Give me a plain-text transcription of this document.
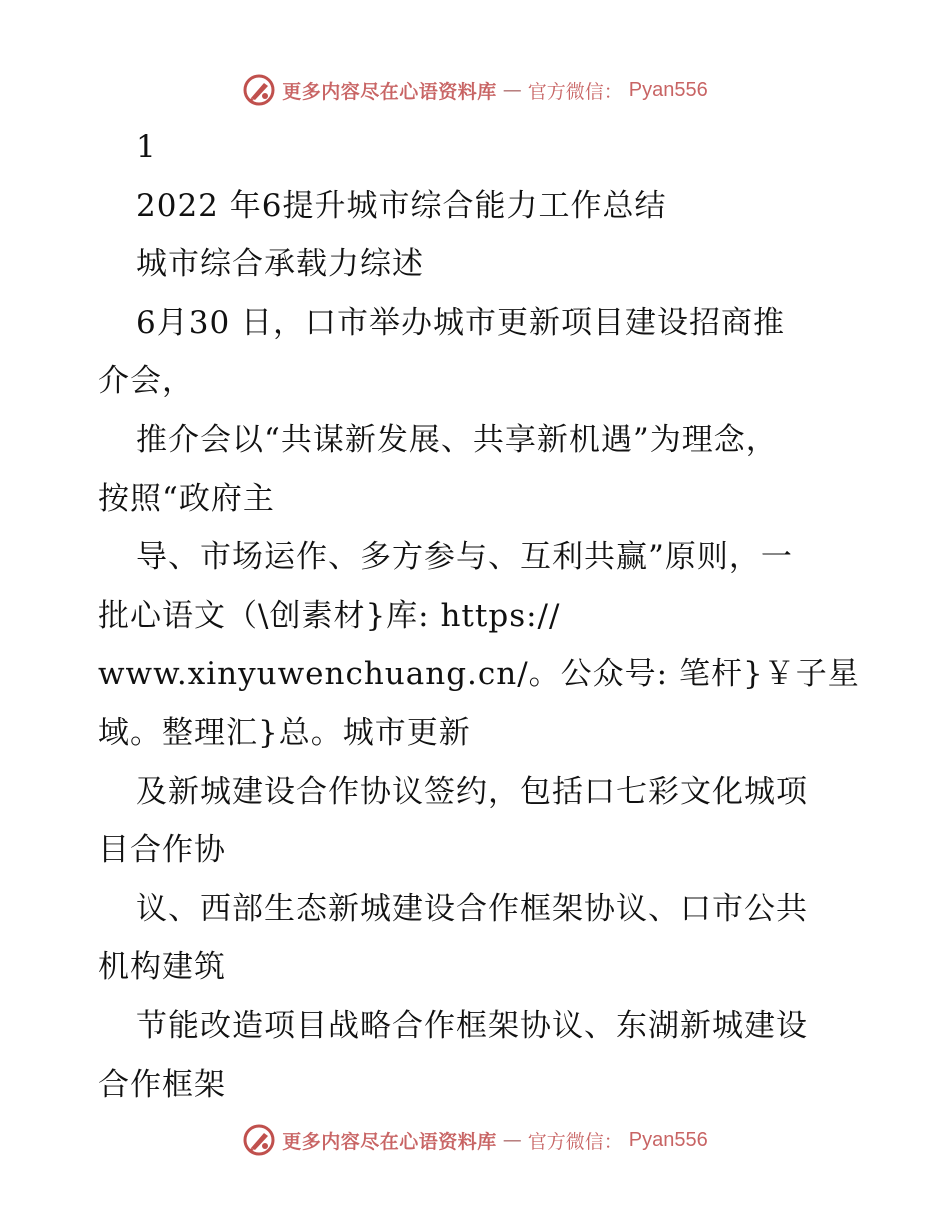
更多内容尽在心语资料库 — 官方微信： Pyan556
1
2022 年6提升城市综合能力工作总结
城市综合承载力综述
6月30 日，口市举办城市更新项目建设招商推
介会，
推介会以“共谋新发展、共享新机遇”为理念，
按照“政府主
导、市场运作、多方参与、互利共赢”原则，一
批心语文（\创素材}库: https://
www.xinyuwenchuang.cn/。公众号: 笔杆}￥子星
域。整理汇}总。城市更新
及新城建设合作协议签约，包括口七彩文化城项
目合作协
议、西部生态新城建设合作框架协议、口市公共
机构建筑
节能改造项目战略合作框架协议、东湖新城建设
合作框架
更多内容尽在心语资料库 — 官方微信： Pyan556
